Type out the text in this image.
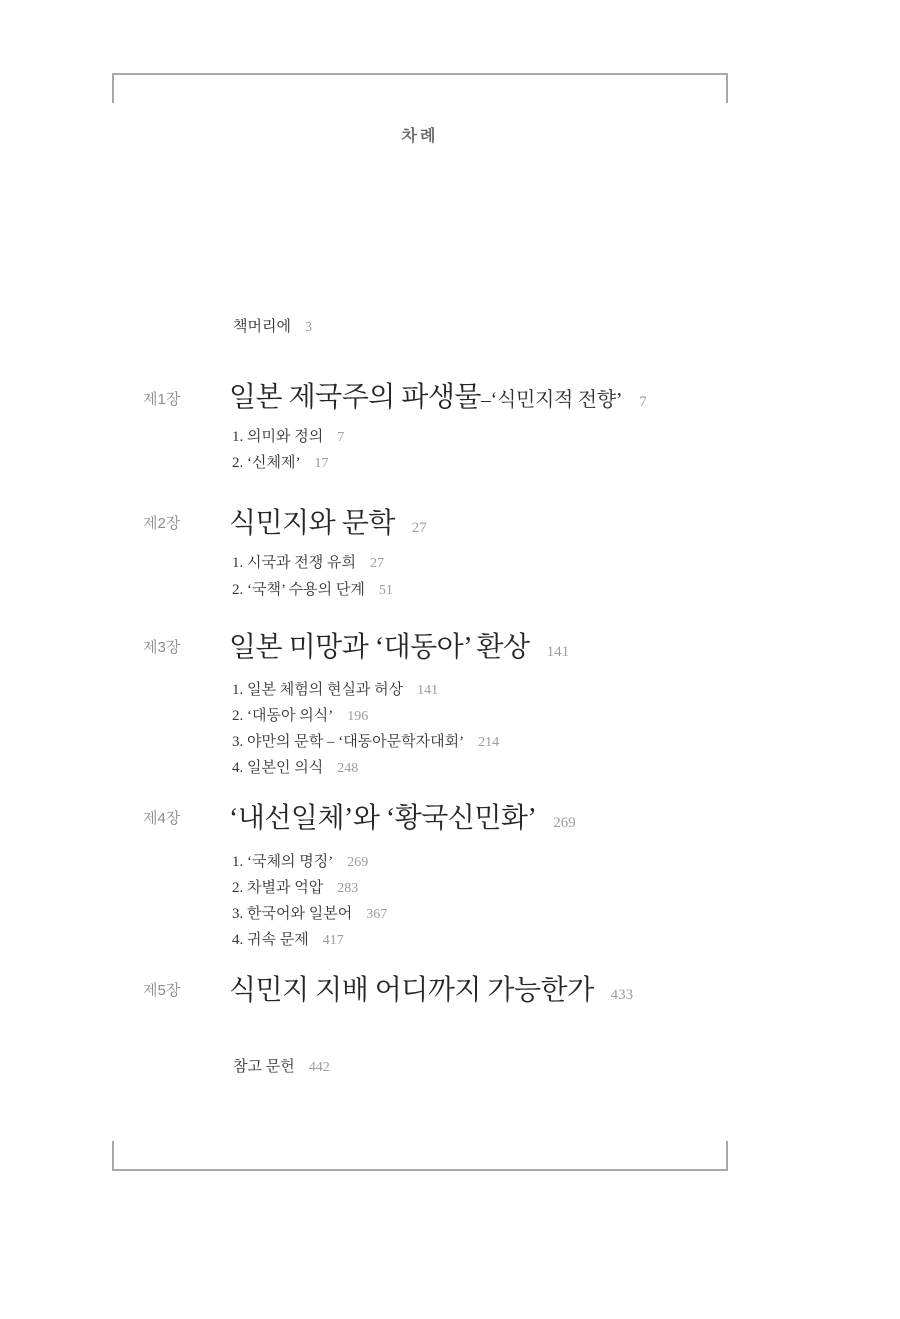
차례
책머리에 3
제1장 일본 제국주의 파생물–‘식민지적 전향’ 7
1. 의미와 정의 7
2. ‘신체제’ 17
제2장 식민지와 문학 27
1. 시국과 전쟁 유희 27
2. ‘국책’ 수용의 단계 51
제3장 일본 미망과 ‘대동아’ 환상 141
1. 일본 체험의 현실과 허상 141
2. ‘대동아 의식’ 196
3. 야만의 문학 – ‘대동아문학자대회’ 214
4. 일본인 의식 248
제4장 ‘내선일체’와 ‘황국신민화’ 269
1. ‘국체의 명징’ 269
2. 차별과 억압 283
3. 한국어와 일본어 367
4. 귀속 문제 417
제5장 식민지 지배 어디까지 가능한가 433
참고 문헌 442
